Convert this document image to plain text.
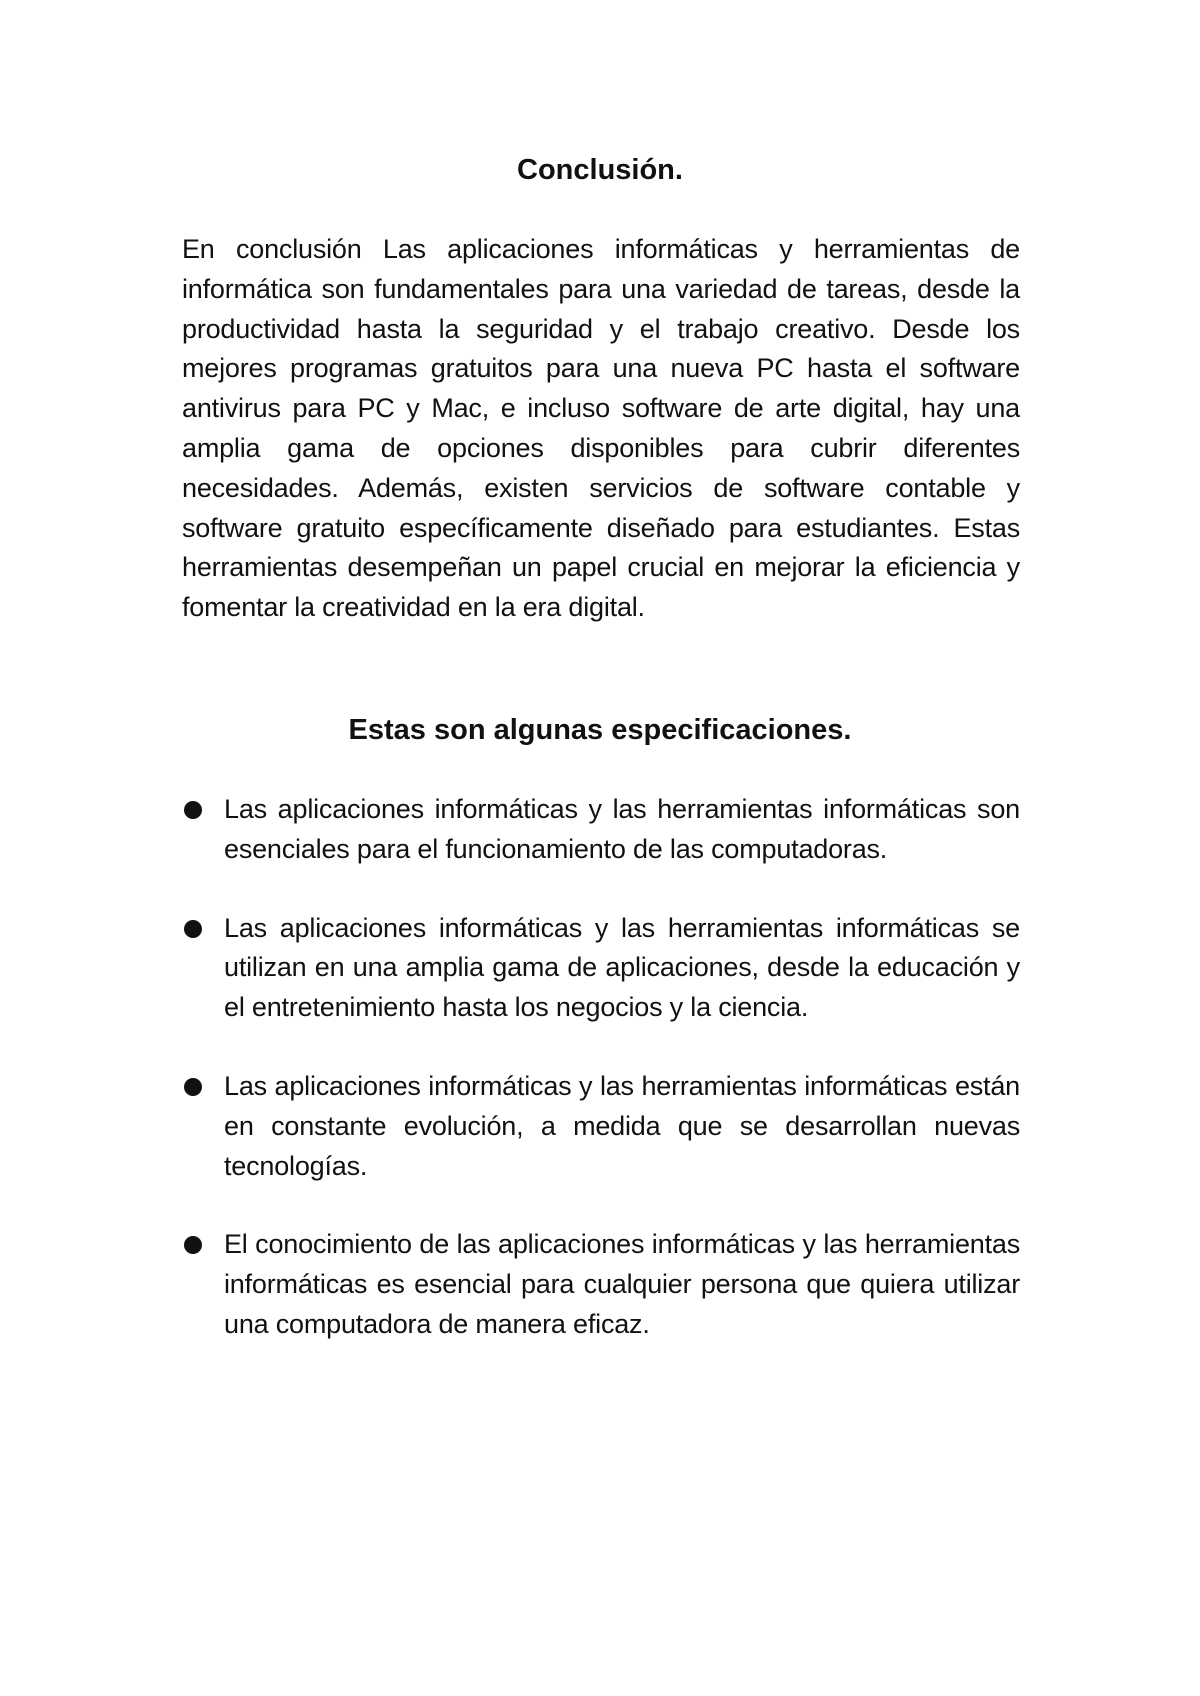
Conclusión.

En conclusión Las aplicaciones informáticas y herramientas de informática son fundamentales para una variedad de tareas, desde la productividad hasta la seguridad y el trabajo creativo. Desde los mejores programas gratuitos para una nueva PC hasta el software antivirus para PC y Mac, e incluso software de arte digital, hay una amplia gama de opciones disponibles para cubrir diferentes necesidades. Además, existen servicios de software contable y software gratuito específicamente diseñado para estudiantes. Estas herramientas desempeñan un papel crucial en mejorar la eficiencia y fomentar la creatividad en la era digital.

Estas son algunas especificaciones.
Las aplicaciones informáticas y las herramientas informáticas son esenciales para el funcionamiento de las computadoras.
Las aplicaciones informáticas y las herramientas informáticas se utilizan en una amplia gama de aplicaciones, desde la educación y el entretenimiento hasta los negocios y la ciencia.
Las aplicaciones informáticas y las herramientas informáticas están en constante evolución, a medida que se desarrollan nuevas tecnologías.
El conocimiento de las aplicaciones informáticas y las herramientas informáticas es esencial para cualquier persona que quiera utilizar una computadora de manera eficaz.
